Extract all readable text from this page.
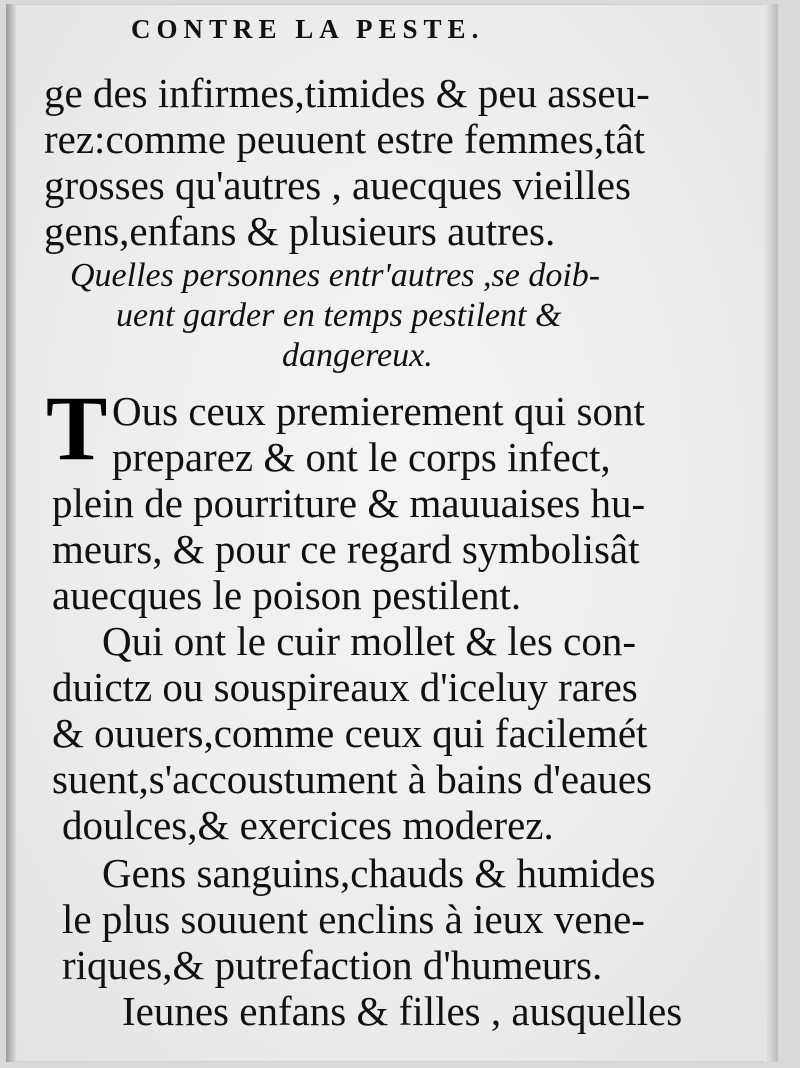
CONTRE LA PESTE.
ge des infirmes,timides & peu asseu-
rez:comme peuuent estre femmes,tât
grosses qu'autres , auecques vieilles
gens,enfans & plusieurs autres.
Quelles personnes entr'autres ,se doib-
uent garder en temps pestilent &
dangereux.
T Ous ceux premierement qui sont
preparez & ont le corps infect,
plein de pourriture & mauuaises hu-
meurs, & pour ce regard symbolisât
auecques le poison pestilent.
Qui ont le cuir mollet & les con-
duictz ou souspireaux d'iceluy rares
& ouuers,comme ceux qui facilemét
suent,s'accoustument à bains d'eaues
doulces,& exercices moderez.
Gens sanguins,chauds & humides
le plus souuent enclins à ieux vene-
riques,& putrefaction d'humeurs.
Ieunes enfans & filles , ausquelles
